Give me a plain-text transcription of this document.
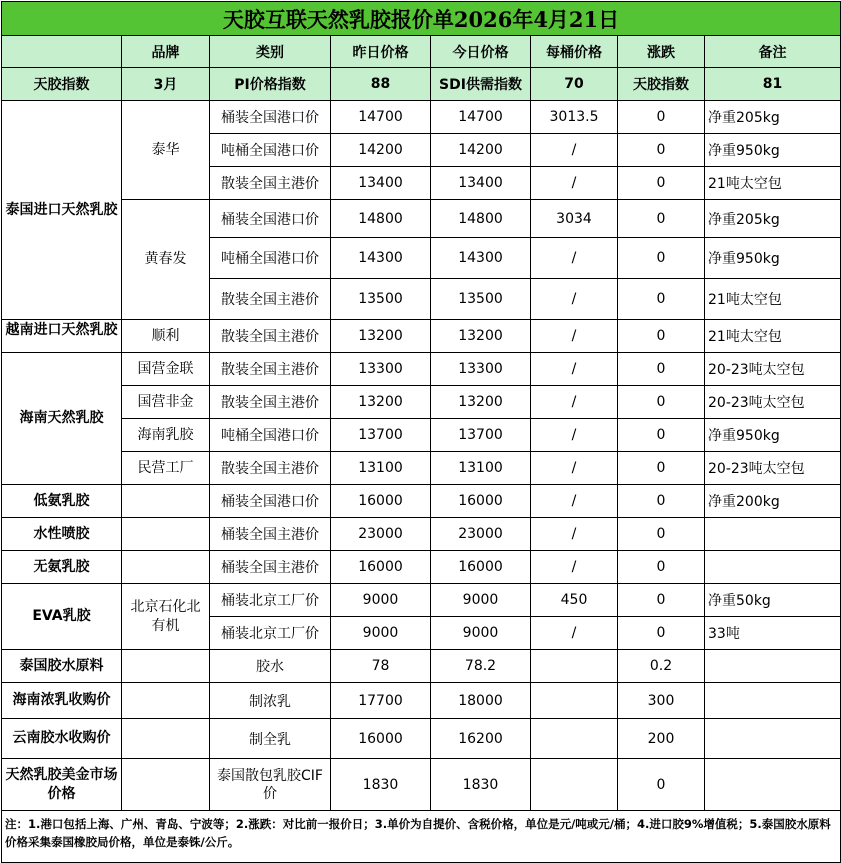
天胶互联天然乳胶报价单2026年4月21日							
	品牌	类别	昨日价格	今日价格	每桶价格	涨跌	备注
天胶指数	3月	PI价格指数	88	SDI供需指数	70	天胶指数	81
泰国进口天然乳胶	泰华	桶装全国港口价	14700	14700	3013.5	0	净重205kg
		吨桶全国港口价	14200	14200	/	0	净重950kg
		散装全国主港价	13400	13400	/	0	21吨太空包
	黄春发	桶装全国港口价	14800	14800	3034	0	净重205kg
		吨桶全国港口价	14300	14300	/	0	净重950kg
		散装全国主港价	13500	13500	/	0	21吨太空包
越南进口天然乳胶	顺利	散装全国主港价	13200	13200	/	0	21吨太空包
海南天然乳胶	国营金联	散装全国主港价	13300	13300	/	0	20-23吨太空包
	国营非金	散装全国主港价	13200	13200	/	0	20-23吨太空包
	海南乳胶	吨桶全国港口价	13700	13700	/	0	净重950kg
	民营工厂	散装全国主港价	13100	13100	/	0	20-23吨太空包
低氨乳胶		桶装全国港口价	16000	16000	/	0	净重200kg
水性喷胶		桶装全国主港价	23000	23000	/	0	
无氨乳胶		桶装全国主港价	16000	16000	/	0	
EVA乳胶	北京石化北有机	桶装北京工厂价	9000	9000	450	0	净重50kg
		桶装北京工厂价	9000	9000	/	0	33吨
泰国胶水原料		胶水	78	78.2		0.2	
海南浓乳收购价		制浓乳	17700	18000		300	
云南胶水收购价		制全乳	16000	16200		200	
天然乳胶美金市场价格		泰国散包乳胶CIF价	1830	1830		0	
注：1.港口包括上海、广州、青岛、宁波等；2.涨跌：对比前一报价日；3.单价为自提价、含税价格，单位是元/吨或元/桶；4.进口胶9%增值税；5.泰国胶水原料价格采集泰国橡胶局价格，单位是泰铢/公斤。							
